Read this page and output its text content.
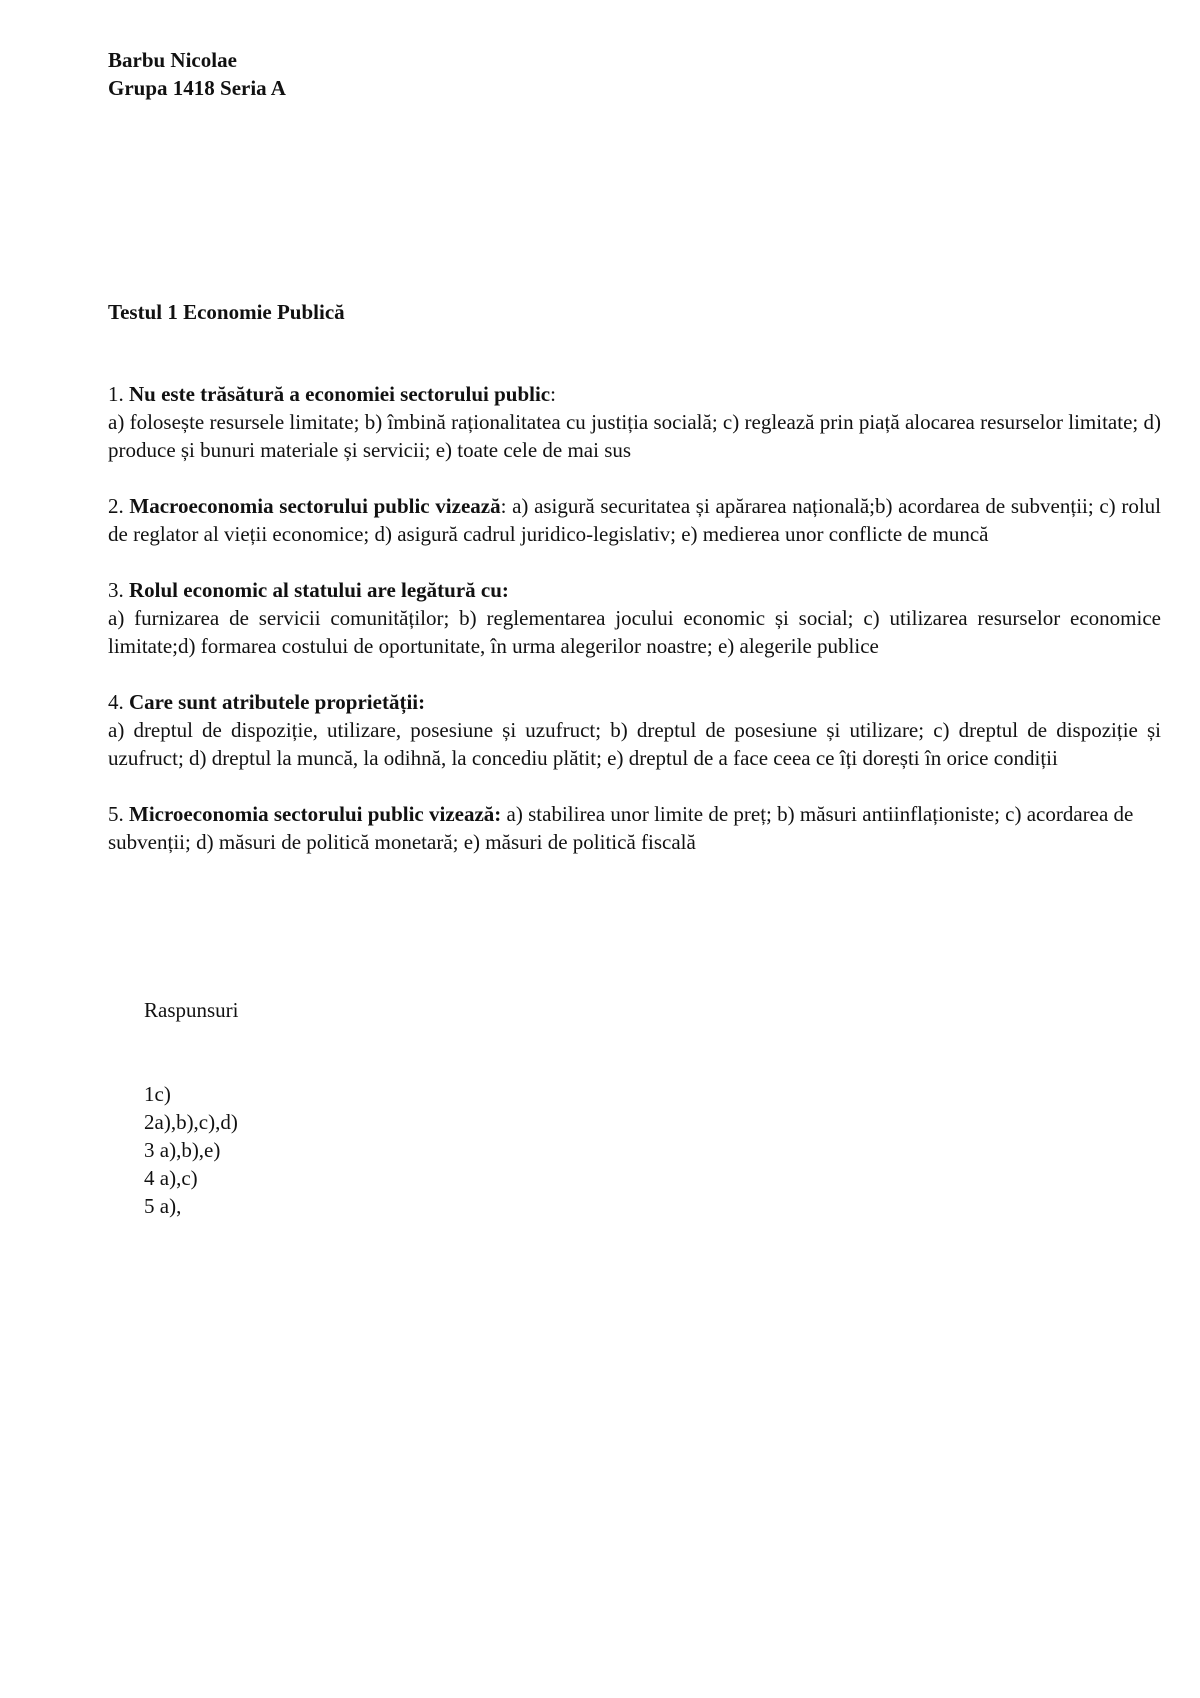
Barbu Nicolae
Grupa 1418 Seria A
Testul 1 Economie Publică

1. Nu este trăsătură a economiei sectorului public:
a) folosește resursele limitate; b) îmbină raționalitatea cu justiția socială; c) reglează prin piață alocarea resurselor limitate; d) produce și bunuri materiale și servicii; e) toate cele de mai sus

2. Macroeconomia sectorului public vizează: a) asigură securitatea și apărarea națională;b) acordarea de subvenții; c) rolul de reglator al vieții economice; d) asigură cadrul juridico-legislativ; e) medierea unor conflicte de muncă

3. Rolul economic al statului are legătură cu:
a) furnizarea de servicii comunităților; b) reglementarea jocului economic și social; c) utilizarea resurselor economice limitate;d) formarea costului de oportunitate, în urma alegerilor noastre; e) alegerile publice

4. Care sunt atributele proprietății:
a) dreptul de dispoziție, utilizare, posesiune și uzufruct; b) dreptul de posesiune și utilizare; c) dreptul de dispoziție și uzufruct; d) dreptul la muncă, la odihnă, la concediu plătit; e) dreptul de a face ceea ce îți dorești în orice condiții

5. Microeconomia sectorului public vizează: a) stabilirea unor limite de preț; b) măsuri antiinflaționiste; c) acordarea de subvenții; d) măsuri de politică monetară; e) măsuri de politică fiscală

Raspunsuri
1c)
2a),b),c),d)
3 a),b),e)
4 a),c)
5 a),
